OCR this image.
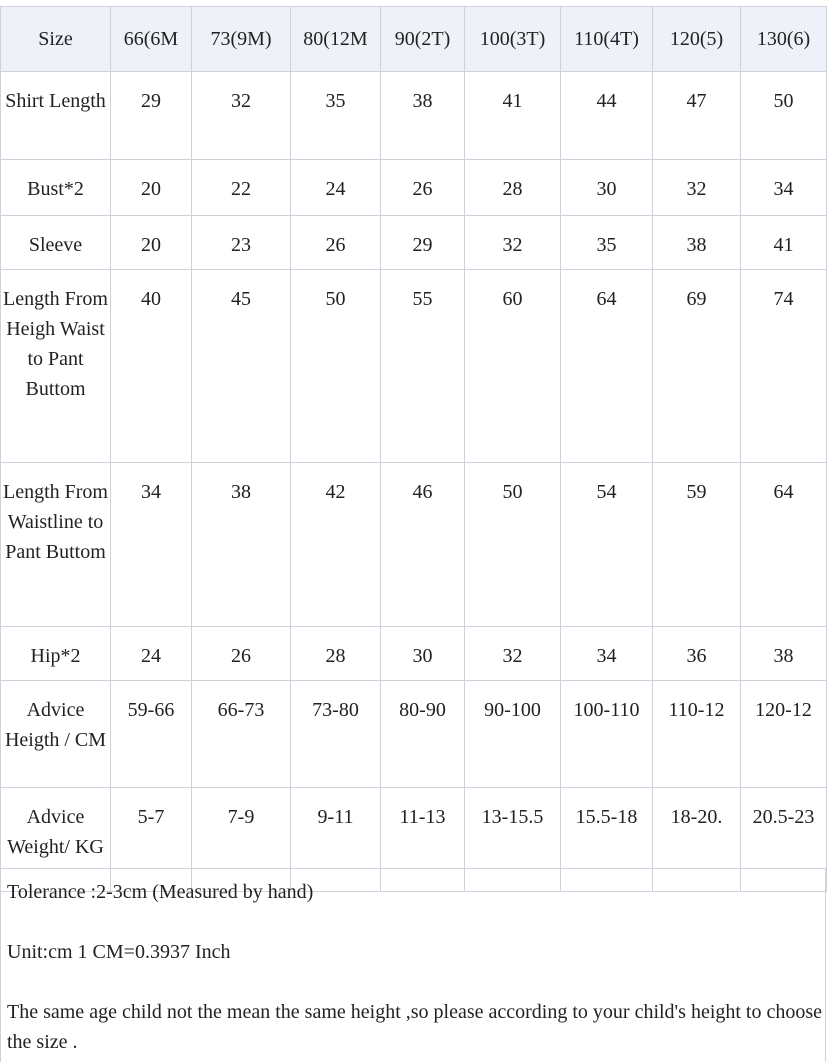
Size	66(6M	73(9M)	80(12M	90(2T)	100(3T)	110(4T)	120(5)	130(6)
Shirt Length	29	32	35	38	41	44	47	50
Bust*2	20	22	24	26	28	30	32	34
Sleeve	20	23	26	29	32	35	38	41
Length From Heigh Waist to Pant Buttom	40	45	50	55	60	64	69	74
Length From Waistline to Pant Buttom	34	38	42	46	50	54	59	64
Hip*2	24	26	28	30	32	34	36	38
Advice Heigth / CM	59-66	66-73	73-80	80-90	90-100	100-110	110-12	120-12
Advice Weight/ KG	5-7	7-9	9-11	11-13	13-15.5	15.5-18	18-20.	20.5-23

Tolerance :2-3cm (Measured by hand)

Unit:cm 1 CM=0.3937 Inch

The same age child not the mean the same height ,so please according to your child's height to choose the size .
